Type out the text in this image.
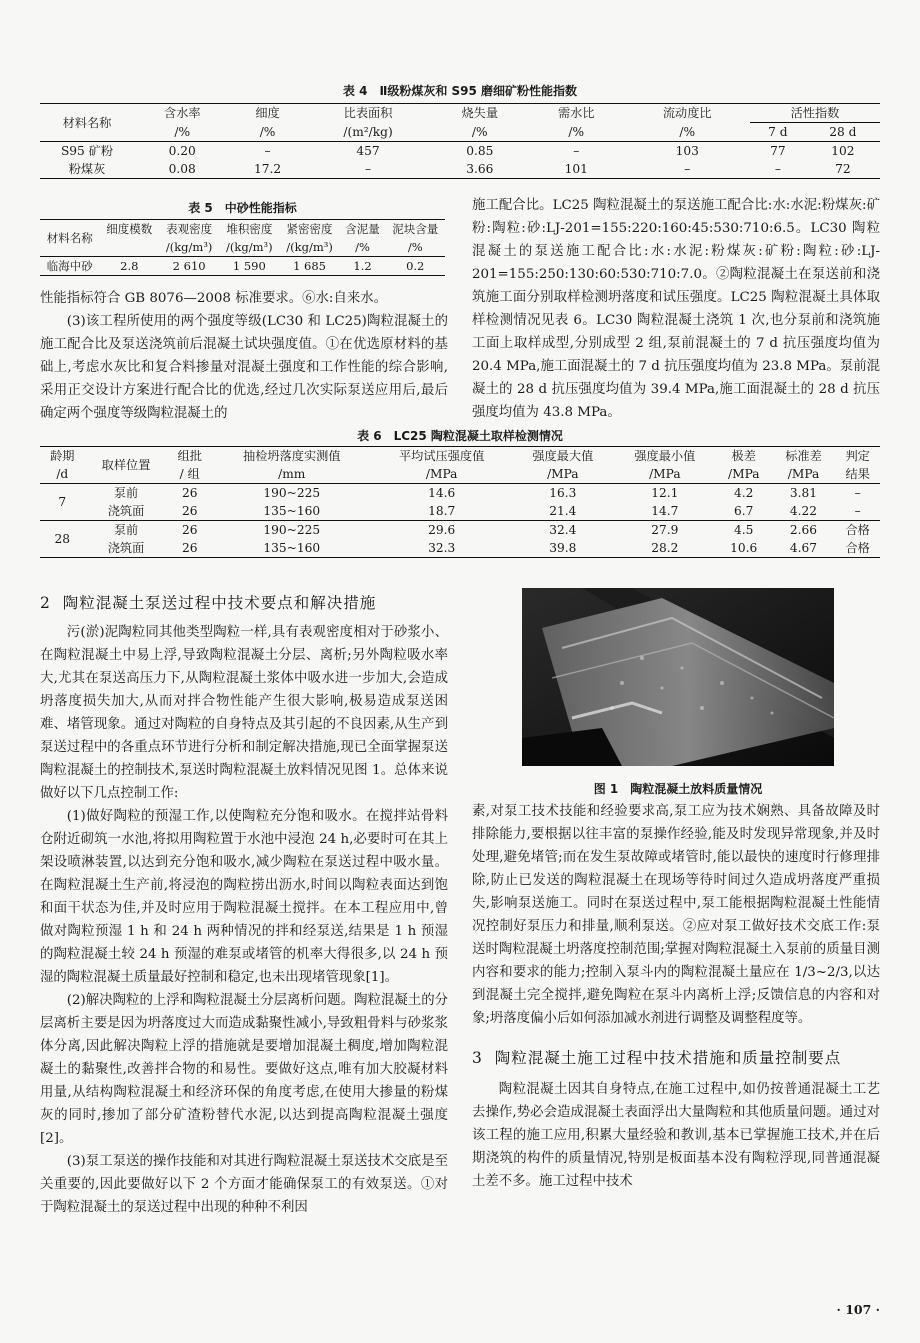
表 4　Ⅱ级粉煤灰和 S95 磨细矿粉性能指数
材料名称	含水率	细度	比表面积	烧失量	需水比	流动度比	活性指数	
	/%	/%	/(m²/kg)	/%	/%	/%	7 d	28 d
S95 矿粉	0.20	–	457	0.85	–	103	77	102
粉煤灰	0.08	17.2	–	3.66	101	–	–	72
表 5　中砂性能指标
材料名称	细度模数	表观密度	堆积密度	紧密密度	含泥量	泥块含量
		/(kg/m³)	/(kg/m³)	/(kg/m³)	/%	/%
临海中砂	2.8	2 610	1 590	1 685	1.2	0.2

性能指标符合 GB 8076—2008 标准要求。⑥水:自来水。

(3)该工程所使用的两个强度等级(LC30 和 LC25)陶粒混凝土的施工配合比及泵送浇筑前后混凝土试块强度值。①在优选原材料的基础上,考虑水灰比和复合料掺量对混凝土强度和工作性能的综合影响,采用正交设计方案进行配合比的优选,经过几次实际泵送应用后,最后确定两个强度等级陶粒混凝土的

施工配合比。LC25 陶粒混凝土的泵送施工配合比:水:水泥:粉煤灰:矿粉:陶粒:砂:LJ-201=155:220:160:45:530:710:6.5。LC30 陶粒混凝土的泵送施工配合比:水:水泥:粉煤灰:矿粉:陶粒:砂:LJ-201=155:250:130:60:530:710:7.0。②陶粒混凝土在泵送前和浇筑施工面分别取样检测坍落度和试压强度。LC25 陶粒混凝土具体取样检测情况见表 6。LC30 陶粒混凝土浇筑 1 次,也分泵前和浇筑施工面上取样成型,分别成型 2 组,泵前混凝土的 7 d 抗压强度均值为 20.4 MPa,施工面混凝土的 7 d 抗压强度均值为 23.8 MPa。泵前混凝土的 28 d 抗压强度均值为 39.4 MPa,施工面混凝土的 28 d 抗压强度均值为 43.8 MPa。

表 6　LC25 陶粒混凝土取样检测情况
龄期	取样位置	组批	抽检坍落度实测值	平均试压强度值	强度最大值	强度最小值	极差	标准差	判定
/d		/ 组	/mm	/MPa	/MPa	/MPa	/MPa	/MPa	结果
7	泵前	26	190~225	14.6	16.3	12.1	4.2	3.81	–
	浇筑面	26	135~160	18.7	21.4	14.7	6.7	4.22	–
28	泵前	26	190~225	29.6	32.4	27.9	4.5	2.66	合格
	浇筑面	26	135~160	32.3	39.8	28.2	10.6	4.67	合格
2 陶粒混凝土泵送过程中技术要点和解决措施

污(淤)泥陶粒同其他类型陶粒一样,具有表观密度相对于砂浆小、在陶粒混凝土中易上浮,导致陶粒混凝土分层、离析;另外陶粒吸水率大,尤其在泵送高压力下,从陶粒混凝土浆体中吸水进一步加大,会造成坍落度损失加大,从而对拌合物性能产生很大影响,极易造成泵送困难、堵管现象。通过对陶粒的自身特点及其引起的不良因素,从生产到泵送过程中的各重点环节进行分析和制定解决措施,现已全面掌握泵送陶粒混凝土的控制技术,泵送时陶粒混凝土放料情况见图 1。总体来说做好以下几点控制工作:

(1)做好陶粒的预湿工作,以使陶粒充分饱和吸水。在搅拌站骨料仓附近砌筑一水池,将拟用陶粒置于水池中浸泡 24 h,必要时可在其上架设喷淋装置,以达到充分饱和吸水,减少陶粒在泵送过程中吸水量。在陶粒混凝土生产前,将浸泡的陶粒捞出沥水,时间以陶粒表面达到饱和面干状态为佳,并及时应用于陶粒混凝土搅拌。在本工程应用中,曾做对陶粒预湿 1 h 和 24 h 两种情况的拌和经泵送,结果是 1 h 预湿的陶粒混凝土较 24 h 预湿的难泵或堵管的机率大得很多,以 24 h 预湿的陶粒混凝土质量最好控制和稳定,也未出现堵管现象[1]。

(2)解决陶粒的上浮和陶粒混凝土分层离析问题。陶粒混凝土的分层离析主要是因为坍落度过大而造成黏聚性减小,导致粗骨料与砂浆浆体分离,因此解决陶粒上浮的措施就是要增加混凝土稠度,增加陶粒混凝土的黏聚性,改善拌合物的和易性。要做好这点,唯有加大胶凝材料用量,从结构陶粒混凝土和经济环保的角度考虑,在使用大掺量的粉煤灰的同时,掺加了部分矿渣粉替代水泥,以达到提高陶粒混凝土强度[2]。

(3)泵工泵送的操作技能和对其进行陶粒混凝土泵送技术交底是至关重要的,因此要做好以下 2 个方面才能确保泵工的有效泵送。①对于陶粒混凝土的泵送过程中出现的种种不利因

图 1　陶粒混凝土放料质量情况

素,对泵工技术技能和经验要求高,泵工应为技术娴熟、具备故障及时排除能力,要根据以往丰富的泵操作经验,能及时发现异常现象,并及时处理,避免堵管;而在发生泵故障或堵管时,能以最快的速度时行修理排除,防止已发送的陶粒混凝土在现场等待时间过久造成坍落度严重损失,影响泵送施工。同时在泵送过程中,泵工能根据陶粒混凝土性能情况控制好泵压力和排量,顺利泵送。②应对泵工做好技术交底工作:泵送时陶粒混凝土坍落度控制范围;掌握对陶粒混凝土入泵前的质量目测内容和要求的能力;控制入泵斗内的陶粒混凝土量应在 1/3~2/3,以达到混凝土完全搅拌,避免陶粒在泵斗内离析上浮;反馈信息的内容和对象;坍落度偏小后如何添加减水剂进行调整及调整程度等。

3 陶粒混凝土施工过程中技术措施和质量控制要点

陶粒混凝土因其自身特点,在施工过程中,如仍按普通混凝土工艺去操作,势必会造成混凝土表面浮出大量陶粒和其他质量问题。通过对该工程的施工应用,积累大量经验和教训,基本已掌握施工技术,并在后期浇筑的构件的质量情况,特别是板面基本没有陶粒浮现,同普通混凝土差不多。施工过程中技术

· 107 ·
